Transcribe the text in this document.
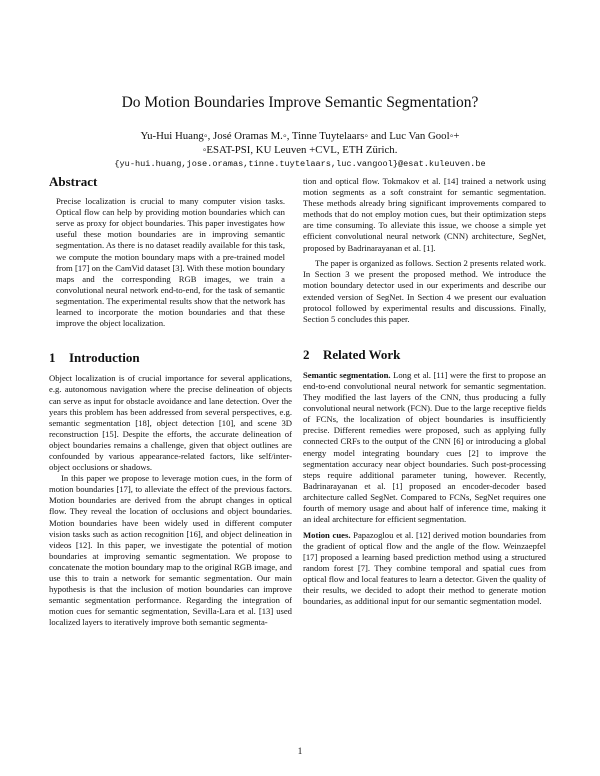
Do Motion Boundaries Improve Semantic Segmentation?
Yu-Hui Huang◦, José Oramas M.◦, Tinne Tuytelaars◦ and Luc Van Gool◦+
◦ESAT-PSI, KU Leuven +CVL, ETH Zürich.
{yu-hui.huang,jose.oramas,tinne.tuytelaars,luc.vangool}@esat.kuleuven.be
Abstract

Precise localization is crucial to many computer vision tasks. Optical flow can help by providing motion boundaries which can serve as proxy for object boundaries. This paper investigates how useful these motion boundaries are in improving semantic segmentation. As there is no dataset readily available for this task, we compute the motion boundary maps with a pre-trained model from [17] on the CamVid dataset [3]. With these motion boundary maps and the corresponding RGB images, we train a convolutional neural network end-to-end, for the task of semantic segmentation. The experimental results show that the network has learned to incorporate the motion boundaries and that these improve the object localization.

1 Introduction

Object localization is of crucial importance for several applications, e.g. autonomous navigation where the precise delineation of objects can serve as input for obstacle avoidance and lane detection. Over the years this problem has been addressed from several perspectives, e.g. semantic segmentation [18], object detection [10], and scene 3D reconstruction [15]. Despite the efforts, the accurate delineation of object boundaries remains a challenge, given that object outlines are confounded by various appearance-related factors, like self/inter-object occlusions or shadows.

In this paper we propose to leverage motion cues, in the form of motion boundaries [17], to alleviate the effect of the previous factors. Motion boundaries are derived from the abrupt changes in optical flow. They reveal the location of occlusions and object boundaries. Motion boundaries have been widely used in different computer vision tasks such as action recognition [16], and object delineation in videos [12]. In this paper, we investigate the potential of motion boundaries at improving semantic segmentation. We propose to concatenate the motion boundary map to the original RGB image, and use this to train a network for semantic segmentation. Our main hypothesis is that the inclusion of motion boundaries can improve semantic segmentation performance. Regarding the integration of motion cues for semantic segmentation, Sevilla-Lara et al. [13] used localized layers to iteratively improve both semantic segmenta-

tion and optical flow. Tokmakov et al. [14] trained a network using motion segments as a soft constraint for semantic segmentation. These methods already bring significant improvements compared to methods that do not employ motion cues, but their optimization steps are time consuming. To alleviate this issue, we choose a simple yet efficient convolutional neural network (CNN) architecture, SegNet, proposed by Badrinarayanan et al. [1].

The paper is organized as follows. Section 2 presents related work. In Section 3 we present the proposed method. We introduce the motion boundary detector used in our experiments and describe our extended version of SegNet. In Section 4 we present our evaluation protocol followed by experimental results and discussions. Finally, Section 5 concludes this paper.

2 Related Work

Semantic segmentation. Long et al. [11] were the first to propose an end-to-end convolutional neural network for semantic segmentation. They modified the last layers of the CNN, thus producing a fully convolutional neural network (FCN). Due to the large receptive fields of FCNs, the localization of object boundaries is insufficiently precise. Different remedies were proposed, such as applying fully connected CRFs to the output of the CNN [6] or introducing a global energy model integrating boundary cues [2] to improve the segmentation accuracy near object boundaries. Such post-processing steps require additional parameter tuning, however. Recently, Badrinarayanan et al. [1] proposed an encoder-decoder based architecture called SegNet. Compared to FCNs, SegNet requires one fourth of memory usage and about half of inference time, making it an ideal architecture for efficient segmentation.

Motion cues. Papazoglou et al. [12] derived motion boundaries from the gradient of optical flow and the angle of the flow. Weinzaepfel [17] proposed a learning based prediction method using a structured random forest [7]. They combine temporal and spatial cues from optical flow and local features to learn a detector. Given the quality of their results, we decided to adopt their method to generate motion boundaries, as additional input for our semantic segmentation model.

1
